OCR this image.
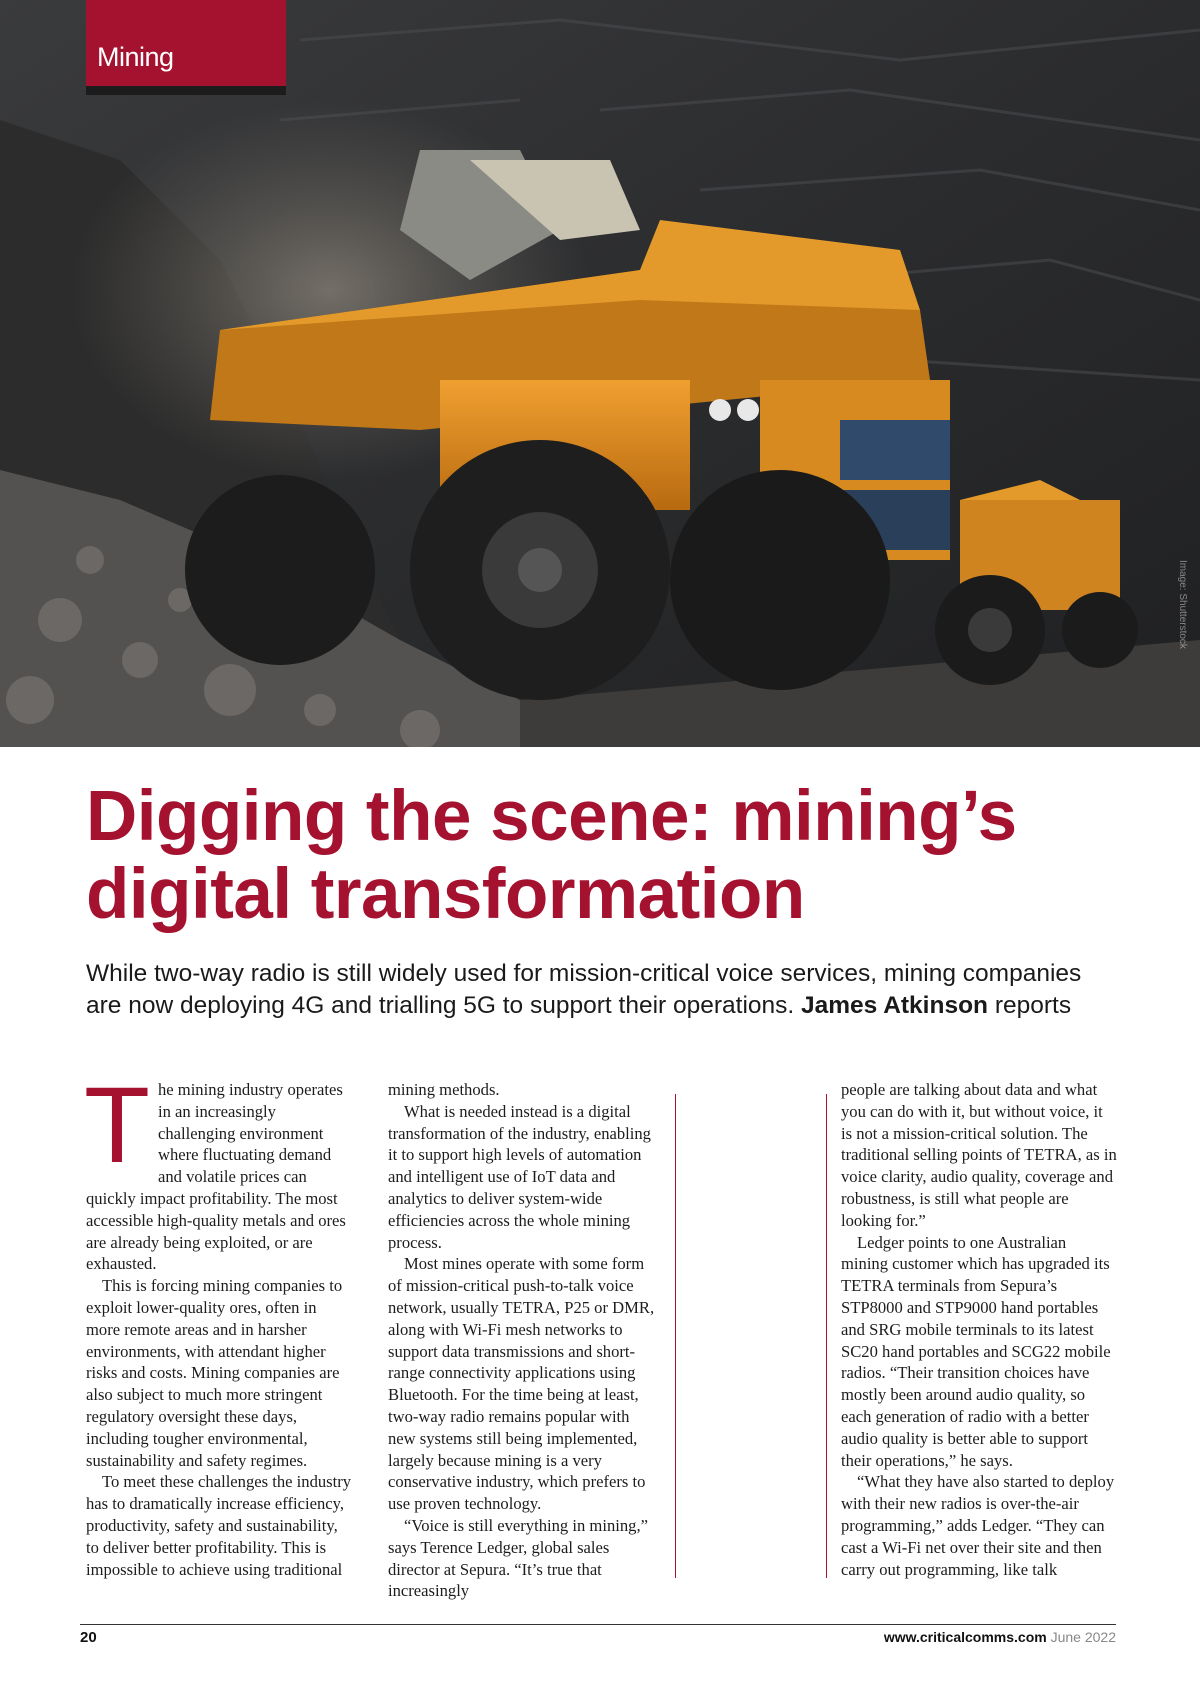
Mining
Image: Shutterstock
Digging the scene: mining’s digital transformation

While two-way radio is still widely used for mission-critical voice services, mining companies are now deploying 4G and trialling 5G to support their operations. James Atkinson reports

The mining industry operates in an increasingly challenging environment where fluctuating demand and volatile prices can quickly impact profitability. The most accessible high-quality metals and ores are already being exploited, or are exhausted.

This is forcing mining companies to exploit lower-quality ores, often in more remote areas and in harsher environments, with attendant higher risks and costs. Mining companies are also subject to much more stringent regulatory oversight these days, including tougher environmental, sustainability and safety regimes.

To meet these challenges the industry has to dramatically increase efficiency, productivity, safety and sustainability, to deliver better profitability. This is impossible to achieve using traditional

mining methods.

What is needed instead is a digital transformation of the industry, enabling it to support high levels of automation and intelligent use of IoT data and analytics to deliver system-wide efficiencies across the whole mining process.

Most mines operate with some form of mission-critical push-to-talk voice network, usually TETRA, P25 or DMR, along with Wi-Fi mesh networks to support data transmissions and short-range connectivity applications using Bluetooth. For the time being at least, two-way radio remains popular with new systems still being implemented, largely because mining is a very conservative industry, which prefers to use proven technology.

“Voice is still everything in mining,” says Terence Ledger, global sales director at Sepura. “It’s true that increasingly

people are talking about data and what you can do with it, but without voice, it is not a mission-critical solution. The traditional selling points of TETRA, as in voice clarity, audio quality, coverage and robustness, is still what people are looking for.”

Ledger points to one Australian mining customer which has upgraded its TETRA terminals from Sepura’s STP8000 and STP9000 hand portables and SRG mobile terminals to its latest SC20 hand portables and SCG22 mobile radios. “Their transition choices have mostly been around audio quality, so each generation of radio with a better audio quality is better able to support their operations,” he says.

“What they have also started to deploy with their new radios is over-the-air programming,” adds Ledger. “They can cast a Wi-Fi net over their site and then carry out programming, like talk

20	www.criticalcomms.com June 2022
